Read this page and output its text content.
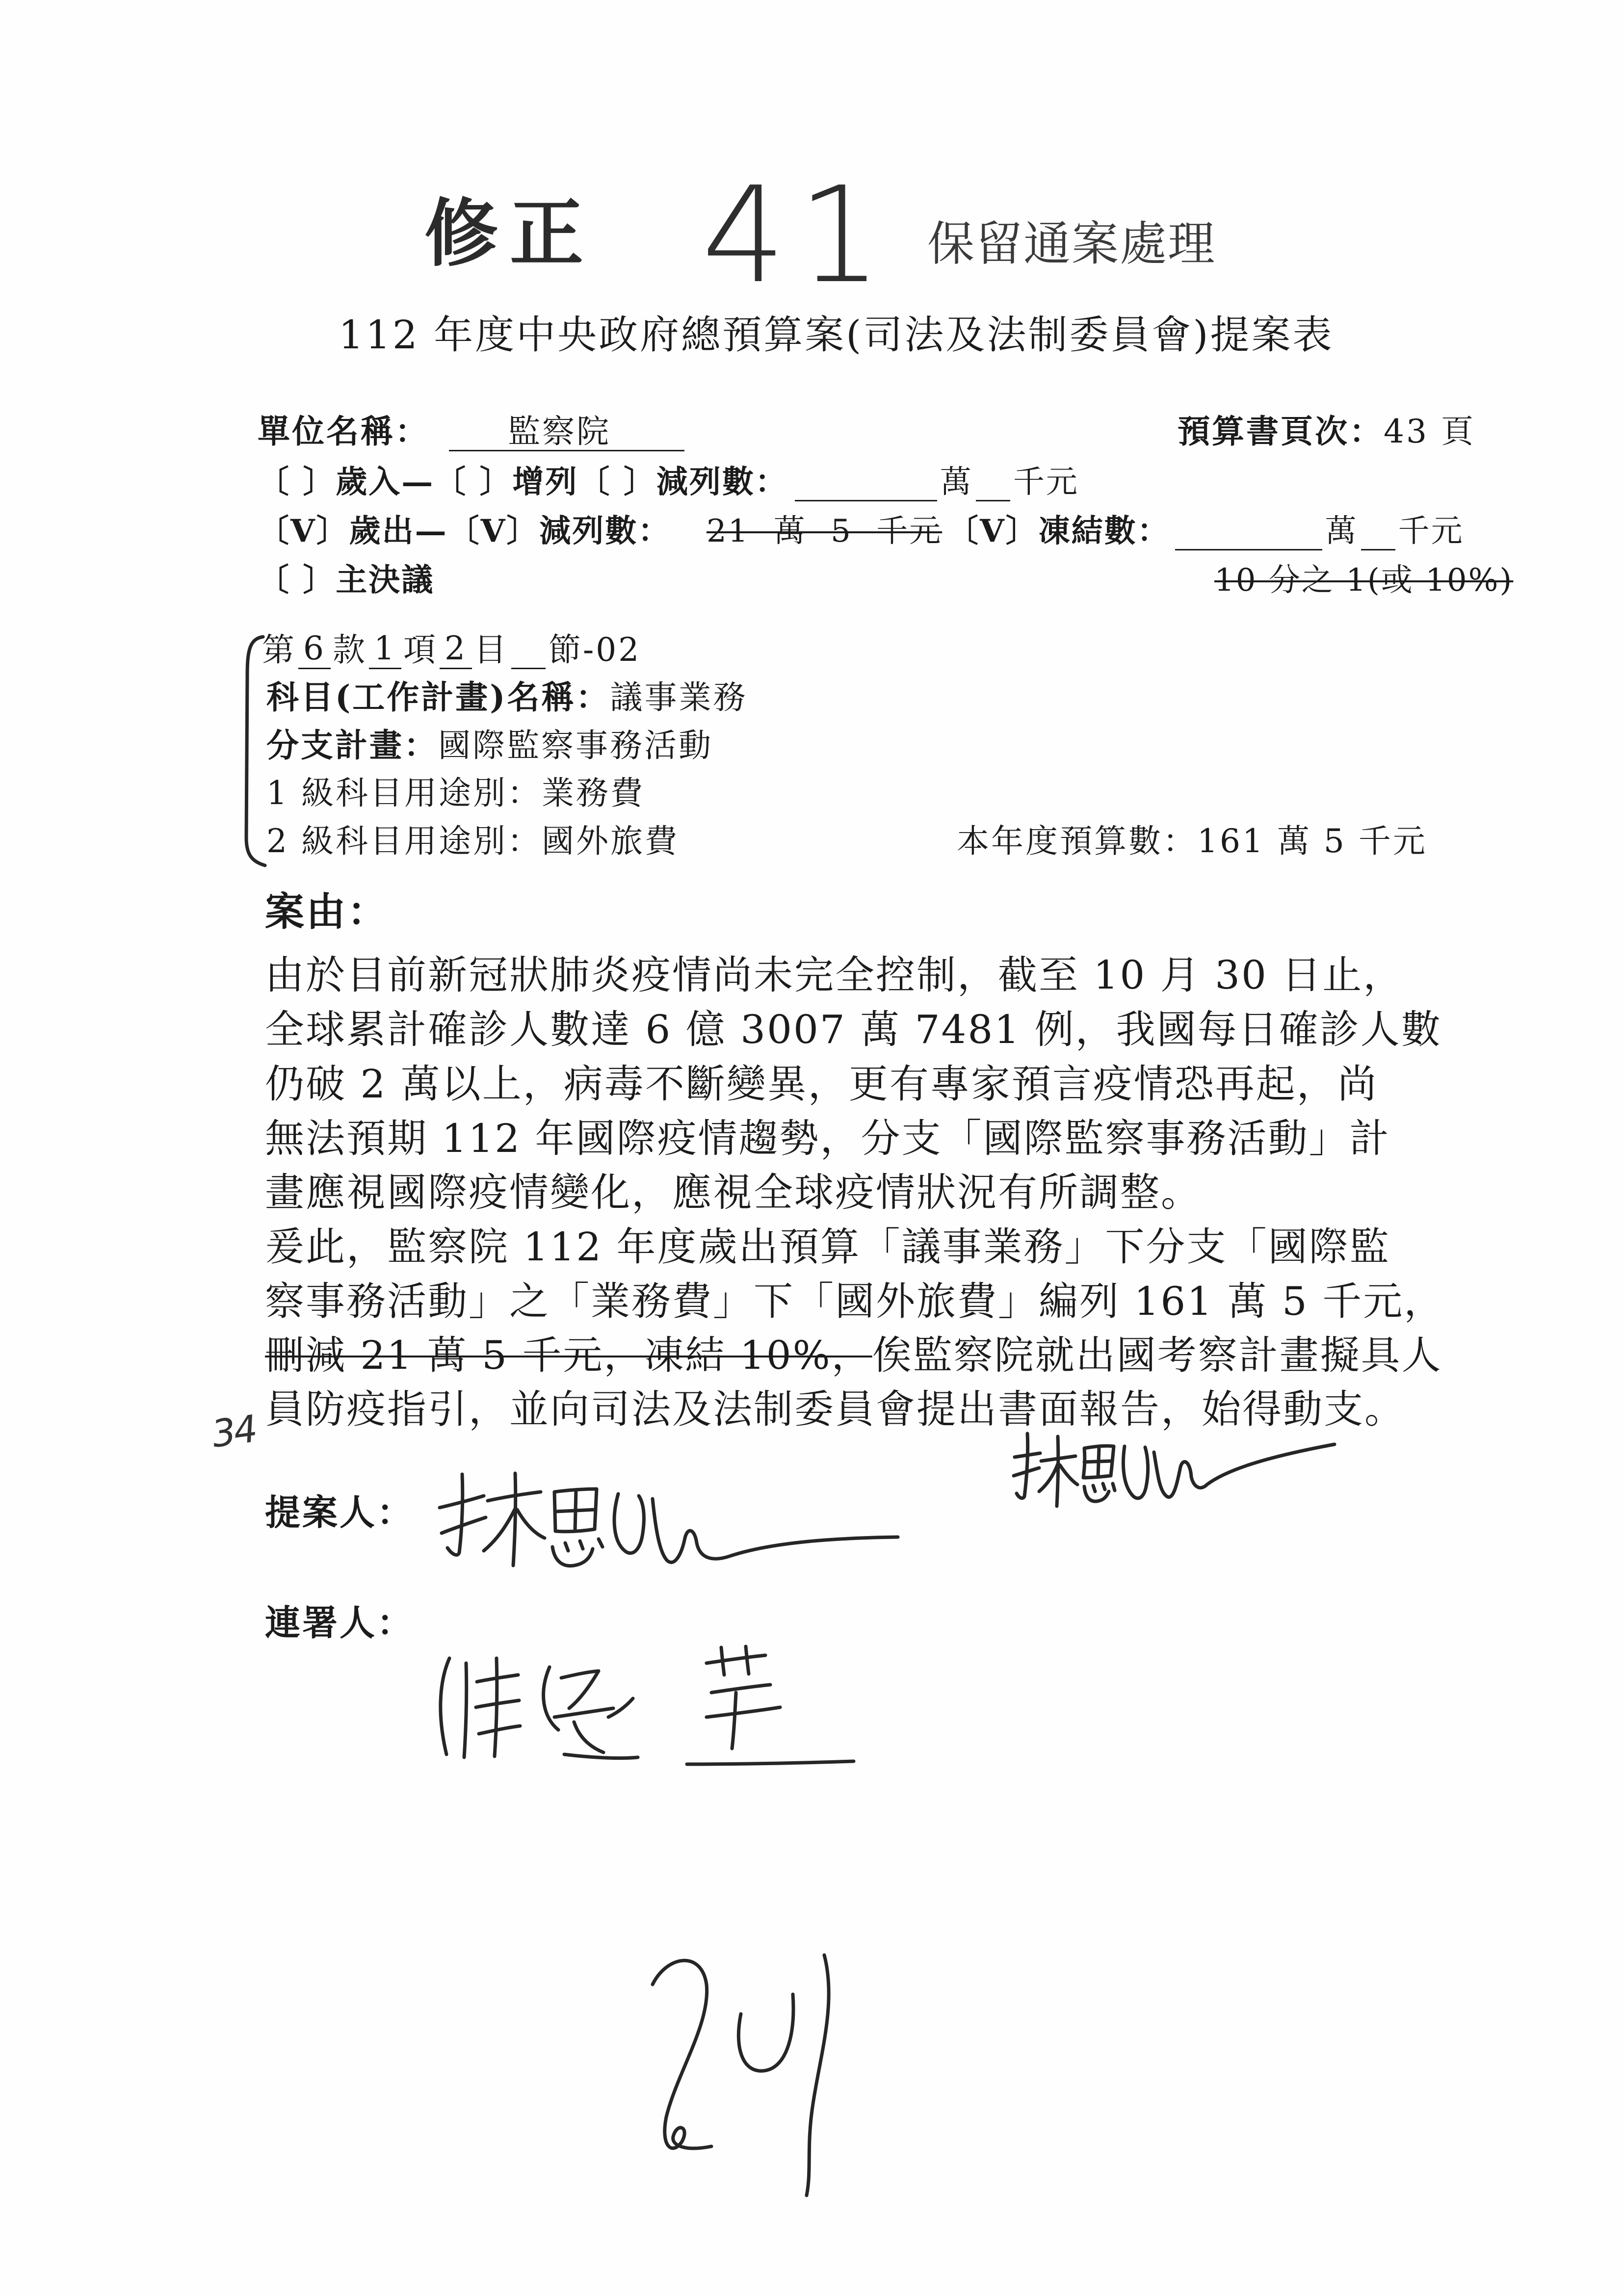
修正 41 保留通案處理
112 年度中央政府總預算案(司法及法制委員會)提案表
單位名稱：	監察院	預算書頁次： 43 頁
〔 〕歲入—〔 〕增列〔 〕減列數：	萬 千元
〔V〕歲出—〔V〕減列數： 21 萬 5 千元 〔V〕凍結數：	萬 千元
〔 〕主決議	10 分之 1(或 10%)
第 6 款 1 項 2 目 節-02
科目(工作計畫)名稱： 議事業務
分支計畫： 國際監察事務活動
1 級科目用途別： 業務費
2 級科目用途別： 國外旅費	本年度預算數： 161 萬 5 千元
案由：
由於目前新冠狀肺炎疫情尚未完全控制，截至 10 月 30 日止，
全球累計確診人數達 6 億 3007 萬 7481 例，我國每日確診人數
仍破 2 萬以上，病毒不斷變異，更有專家預言疫情恐再起，尚
無法預期 112 年國際疫情趨勢，分支「國際監察事務活動」計
畫應視國際疫情變化，應視全球疫情狀況有所調整。
爰此，監察院 112 年度歲出預算「議事業務」下分支「國際監
察事務活動」之「業務費」下「國外旅費」編列 161 萬 5 千元，
刪減 21 萬 5 千元，凍結 10%， 俟監察院就出國考察計畫擬具人
員防疫指引，並向司法及法制委員會提出書面報告，始得動支。
34
提案人：
連署人：
